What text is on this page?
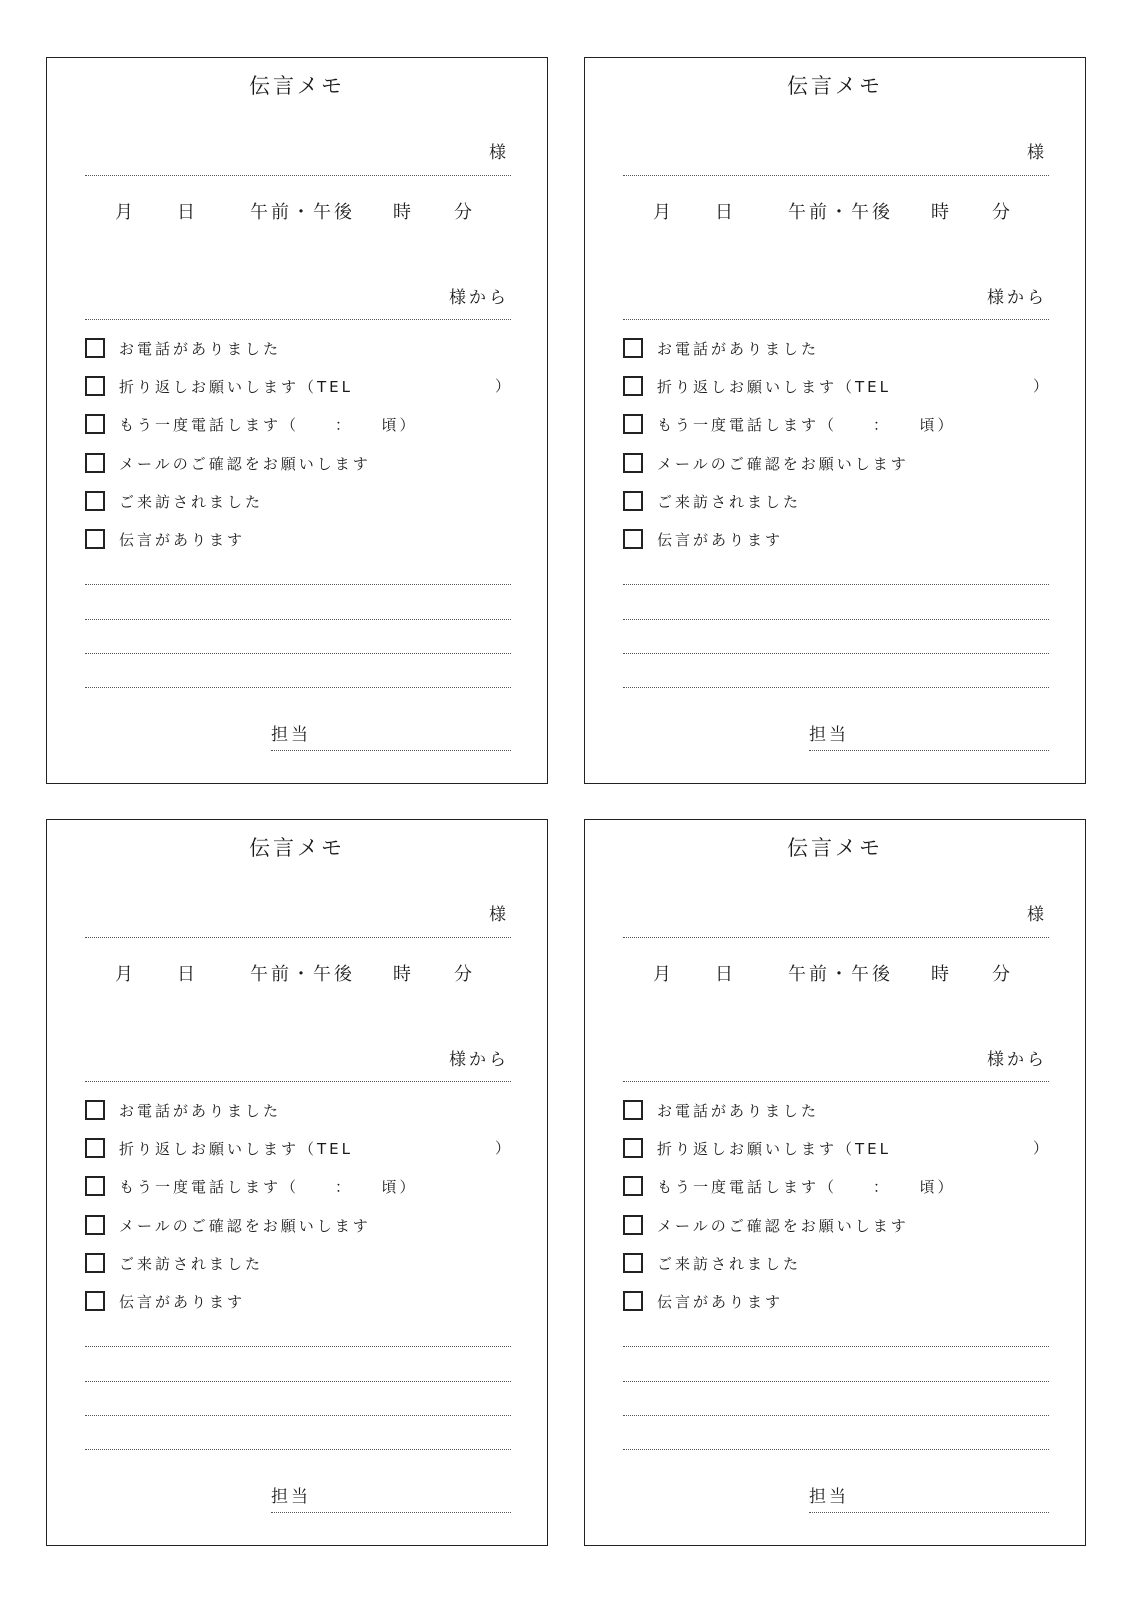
伝言メモ
様
月 日	午前・午後 時 分
様から
お電話がありました
折り返しお願いします（TEL	）
もう一度電話します（　　：　　頃）
メールのご確認をお願いします
ご来訪されました
伝言があります
担当
伝言メモ
様
月 日	午前・午後 時 分
様から
お電話がありました
折り返しお願いします（TEL	）
もう一度電話します（　　：　　頃）
メールのご確認をお願いします
ご来訪されました
伝言があります
担当
伝言メモ
様
月 日	午前・午後 時 分
様から
お電話がありました
折り返しお願いします（TEL	）
もう一度電話します（　　：　　頃）
メールのご確認をお願いします
ご来訪されました
伝言があります
担当
伝言メモ
様
月 日	午前・午後 時 分
様から
お電話がありました
折り返しお願いします（TEL	）
もう一度電話します（　　：　　頃）
メールのご確認をお願いします
ご来訪されました
伝言があります
担当
